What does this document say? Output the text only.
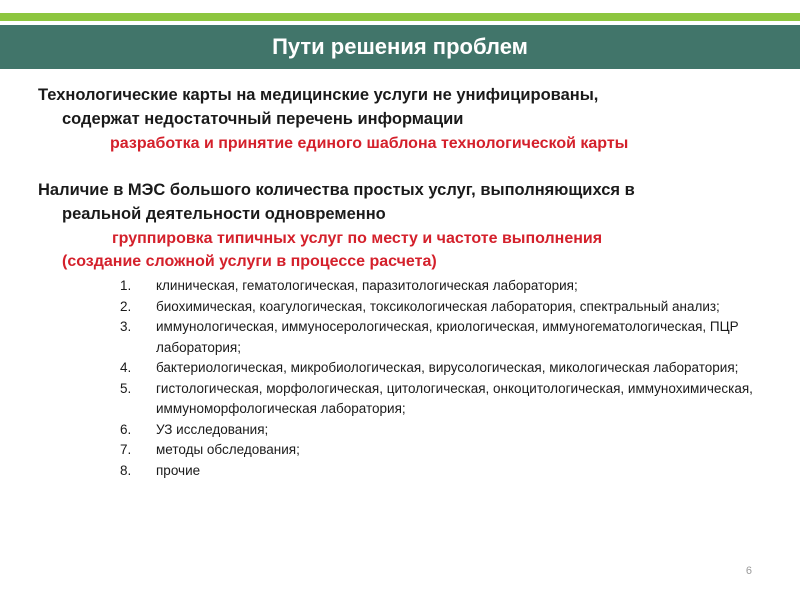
Пути решения проблем
Технологические карты на медицинские услуги не унифицированы,
содержат недостаточный перечень информации
разработка и принятие единого шаблона технологической карты
Наличие в МЭС большого количества простых услуг, выполняющихся в
реальной деятельности одновременно
группировка типичных услуг по месту и частоте выполнения
(создание сложной услуги в процессе расчета)
1. клиническая, гематологическая, паразитологическая лаборатория;
2. биохимическая, коагулогическая, токсикологическая лаборатория, спектральный анализ;
3. иммунологическая, иммуносерологическая, криологическая, иммуногематологическая, ПЦР лаборатория;
4. бактериологическая, микробиологическая, вирусологическая, микологическая лаборатория;
5. гистологическая, морфологическая, цитологическая, онкоцитологическая, иммунохимическая, иммуноморфологическая лаборатория;
6. УЗ исследования;
7. методы обследования;
8. прочие
6
